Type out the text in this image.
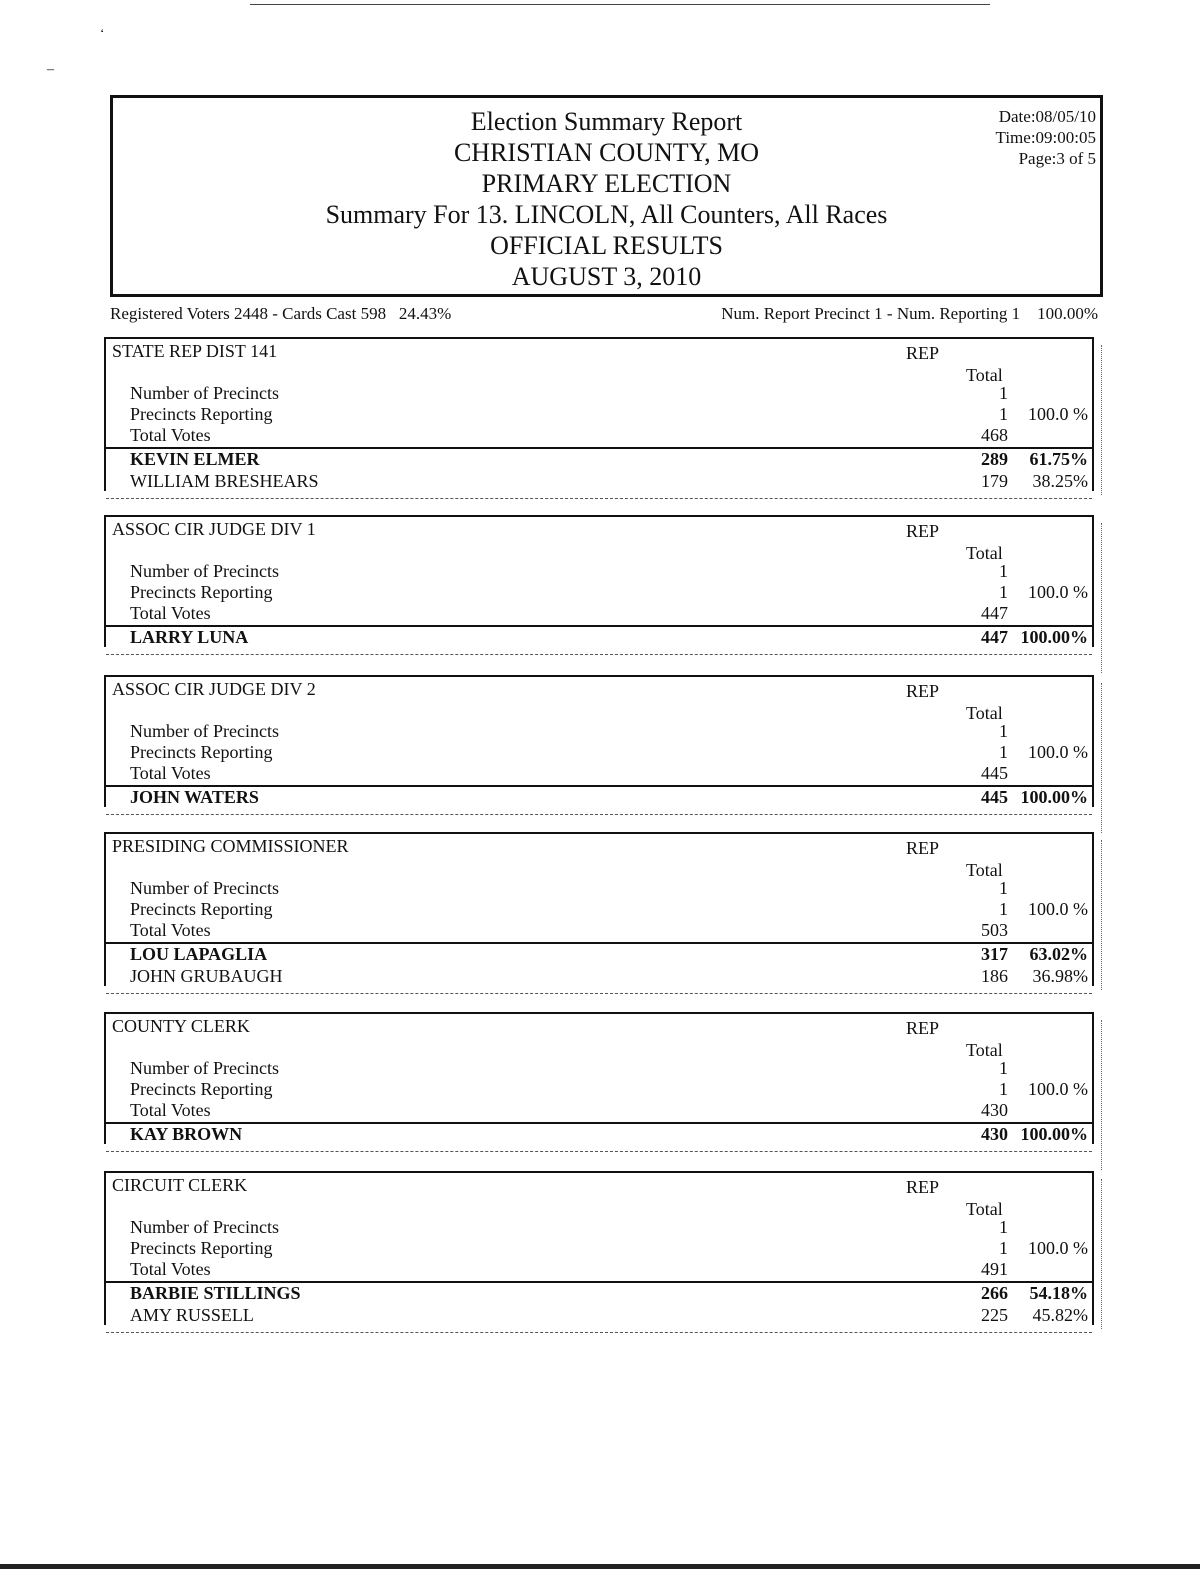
ߵ
–
Election Summary Report
CHRISTIAN COUNTY, MO
PRIMARY ELECTION
Summary For 13. LINCOLN, All Counters, All Races
OFFICIAL RESULTS
AUGUST 3, 2010
Date:08/05/10
Time:09:00:05
Page:3 of 5
Registered Voters 2448 - Cards Cast 598   24.43%	Num. Report Precinct 1 - Num. Reporting 1    100.00%
STATE REP DIST 141	REP
Total
Number of Precincts	1
Precincts Reporting	1 100.0 %
Total Votes	468
KEVIN ELMER	289 61.75%
WILLIAM BRESHEARS	179 38.25%
ASSOC CIR JUDGE DIV 1	REP
Total
Number of Precincts	1
Precincts Reporting	1 100.0 %
Total Votes	447
LARRY LUNA	447 100.00%
ASSOC CIR JUDGE DIV 2	REP
Total
Number of Precincts	1
Precincts Reporting	1 100.0 %
Total Votes	445
JOHN WATERS	445 100.00%
PRESIDING COMMISSIONER	REP
Total
Number of Precincts	1
Precincts Reporting	1 100.0 %
Total Votes	503
LOU LAPAGLIA	317 63.02%
JOHN GRUBAUGH	186 36.98%
COUNTY CLERK	REP
Total
Number of Precincts	1
Precincts Reporting	1 100.0 %
Total Votes	430
KAY BROWN	430 100.00%
CIRCUIT CLERK	REP
Total
Number of Precincts	1
Precincts Reporting	1 100.0 %
Total Votes	491
BARBIE STILLINGS	266 54.18%
AMY RUSSELL	225 45.82%
